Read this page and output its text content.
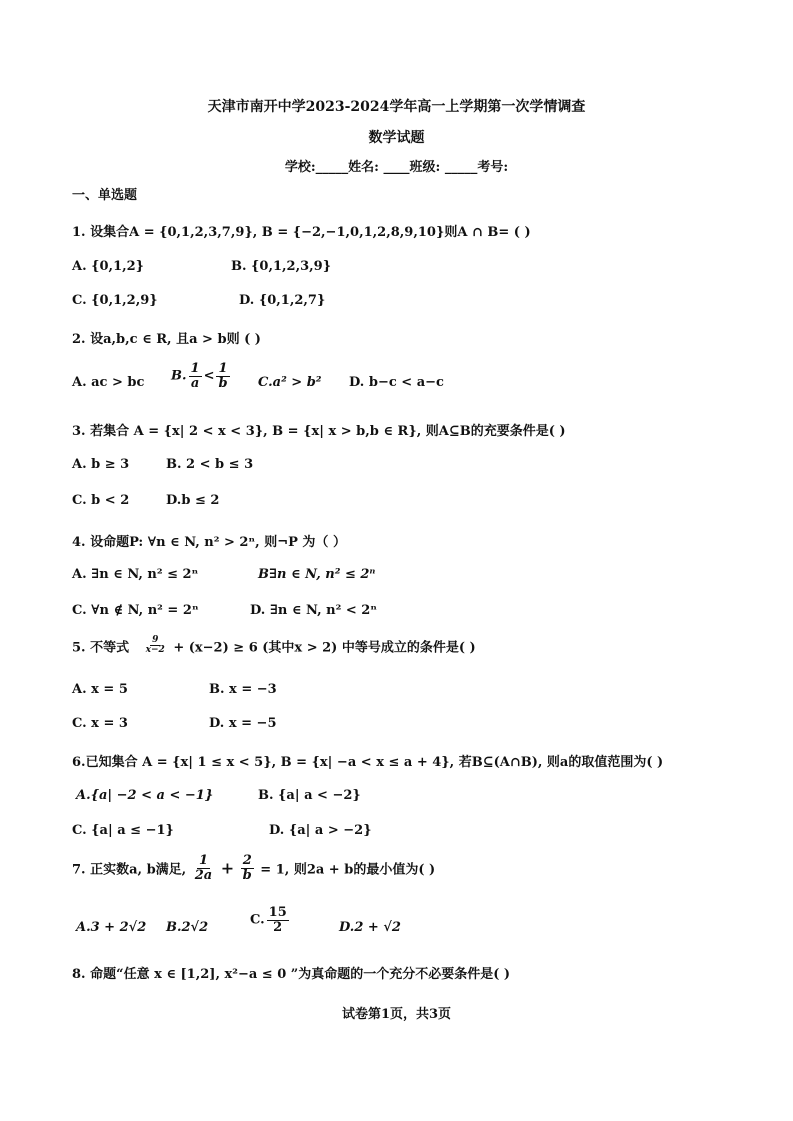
天津市南开中学2023-2024学年高一上学期第一次学情调查
数学试题
学校:_____姓名: ____班级: _____考号:
一、单选题
1. 设集合A = {0,1,2,3,7,9}, B = {−2,−1,0,1,2,8,9,10}则A ∩ B= ( )
A. {0,1,2}	B. {0,1,2,3,9}
C. {0,1,2,9}	D. {0,1,2,7}
2. 设a,b,c ∈ R, 且a > b则 ( )
A. ac > bc B. $\frac{1}{a} < \frac{1}{b} C.a^2 > b^2$ D. b−c < a−c
3. 若集合 A = {x| 2 < x < 3}, B = {x| x > b,b ∈ R}, 则A⊆B的充要条件是( )
A. b ≥ 3	B. 2 < b ≤ 3
C. b < 2	D.b ≤ 2
4. 设命题P: ∀n ∈ N, n² > 2ⁿ, 则¬P 为（ ）
A. ∃n ∈ N, n² ≤ 2ⁿ	B∃n ∈ N, n² ≤ 2ⁿ
C. ∀n ∉ N, n² = 2ⁿ	D. ∃n ∈ N, n² < 2ⁿ
5. 不等式 $\frac{9}{x-2} + (x-2) \ge 6$ (其中x > 2) 中等号成立的条件是( )
A. x = 5	B. x = −3
C. x = 3	D. x = −5
6.已知集合 A = {x| 1 ≤ x < 5}, B = {x| −a < x ≤ a + 4}, 若B⊆(A∩B), 则a的取值范围为( )
A.{a| −2 < a < −1}	B. {a| a < −2}
C. {a| a ≤ −1}	D. {a| a > −2}
7. 正实数a, b满足, $\frac{1}{2a} + \frac{2}{b} = 1$, 则2a + b的最小值为( )
A.3 + 2√2 B.2√2	C. $\frac{15}{2}$	D.2 + √2
8. 命题“任意 x ∈ [1,2], x²−a ≤ 0 ”为真命题的一个充分不必要条件是( )
试卷第1页，共3页
